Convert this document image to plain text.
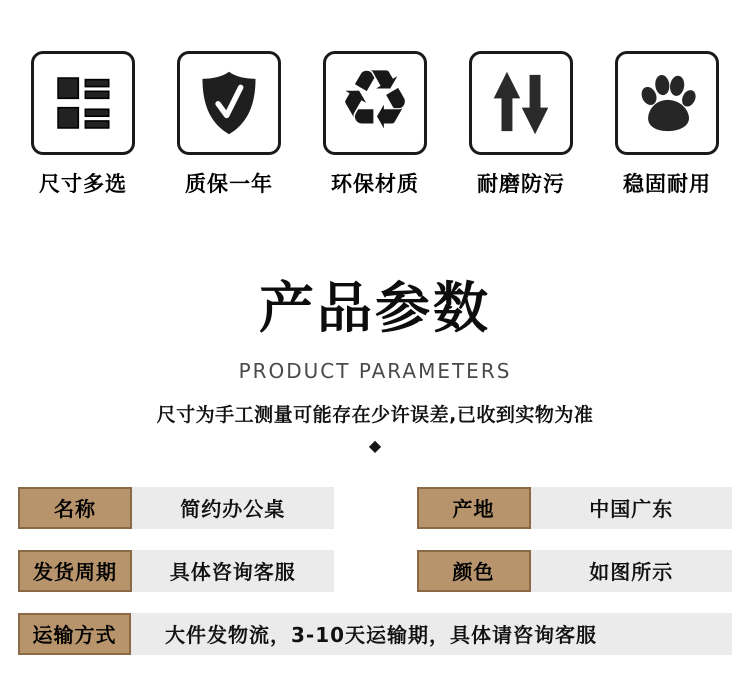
尺寸多选	质保一年
♻
环保材质	耐磨防污	稳固耐用
产品参数
PRODUCT PARAMETERS
尺寸为手工测量可能存在少许误差,已收到实物为准
◆
名称	简约办公桌	产地	中国广东
发货周期	具体咨询客服	颜色	如图所示
运输方式	大件发物流，3-10天运输期，具体请咨询客服
